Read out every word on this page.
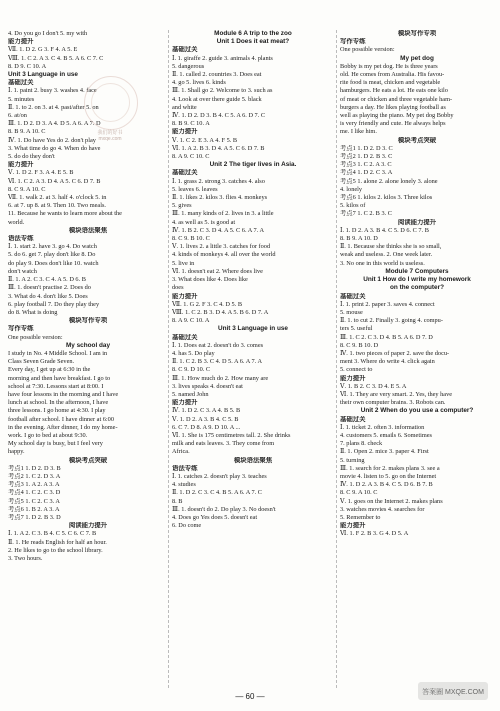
4. Do you go I don't 5. my with
能力提升
Ⅶ. 1. D 2. G 3. F 4. A 5. E
Ⅷ. 1. C 2. A 3. C 4. B 5. A 6. C 7. C
8. D 9. C 10. A
Unit 3 Language in use
基础过关
Ⅰ. 1. paint 2. busy 3. washes 4. face
5. minutes
Ⅱ. 1. to 2. on 3. at 4. past/after 5. on
6. at/on
Ⅲ. 1. D 2. D 3. A 4. D 5. A 6. A 7. D
8. B 9. A 10. C
Ⅳ. 1. Do have Yes do 2. don't play
3. What time do go 4. When do have
5. do do they don't
能力提升
Ⅴ. 1. D 2. F 3. A 4. E 5. B
Ⅵ. 1. C 2. A 3. D 4. A 5. C 6. D 7. B
8. C 9. A 10. C
Ⅶ. 1. walk 2. at 3. half 4. o'clock 5. in
6. at 7. up 8. at 9. Then 10. Two meals.
11. Because he wants to learn more about the
world.
模块语法聚焦
语法专练
Ⅰ. 1. start 2. have 3. go 4. Do watch
5. do 6. get 7. play don't like 8. Do
do play 9. Does don't like 10. watch
don't watch
Ⅱ. 1. A 2. C 3. C 4. A 5. D 6. B
Ⅲ. 1. doesn't practise 2. Does do
3. What do 4. don't like 5. Does
6. play football 7. Do they play they
do 8. What is doing
模块写作专项
写作专练
One possible version:
My school day
I study in No. 4 Middle School. I am in
Class Seven Grade Seven.
Every day, I get up at 6:30 in the
morning and then have breakfast. I go to
school at 7:30. Lessons start at 8:00. I
have four lessons in the morning and I have
lunch at school. In the afternoon, I have
three lessons. I go home at 4:30. I play
football after school. I have dinner at 6:00
in the evening. After dinner, I do my home-
work. I go to bed at about 9:30.
My school day is busy, but I feel very
happy.
模块考点突破
考点1 1. D 2. D 3. B
考点2 1. C 2. D 3. A
考点3 1. A 2. A 3. A
考点4 1. C 2. C 3. D
考点5 1. C 2. C 3. A
考点6 1. B 2. A 3. A
考点7 1. D 2. B 3. D
阅读能力提升
Ⅰ. 1. A 2. C 3. B 4. C 5. C 6. C 7. B
Ⅱ. 1. He reads English for half an hour.
2. He likes to go to the school library.
3. Two hours.
Module 6 A trip to the zoo
Unit 1 Does it eat meat?
基础过关
Ⅰ. 1. giraffe 2. guide 3. animals 4. plants
5. dangerous
Ⅱ. 1. called 2. countries 3. Does eat
4. go 5. lives 6. kinds
Ⅲ. 1. Shall go 2. Welcome to 3. such as
4. Look at over there guide 5. black
and white
Ⅳ. 1. D 2. D 3. B 4. C 5. A 6. D 7. C
8. B 9. C 10. A
能力提升
Ⅴ. 1. C 2. E 3. A 4. F 5. B
Ⅵ. 1. A 2. B 3. D 4. A 5. C 6. D 7. B
8. A 9. C 10. C
Unit 2 The tiger lives in Asia.
基础过关
Ⅰ. 1. grass 2. strong 3. catches 4. also
5. leaves 6. leaves
Ⅱ. 1. likes 2. kilos 3. flies 4. monkeys
5. gives
Ⅲ. 1. many kinds of 2. lives in 3. a little
4. as well as 5. is good at
Ⅳ. 1. B 2. C 3. D 4. A 5. C 6. A 7. A
8. C 9. B 10. C
Ⅴ. 1. lives 2. a little 3. catches for food
4. kinds of monkeys 4. all over the world
5. live in
Ⅵ. 1. doesn't eat 2. Where does live
3. What does like 4. Does like
does
能力提升
Ⅶ. 1. G 2. F 3. C 4. D 5. B
Ⅷ. 1. C 2. B 3. D 4. A 5. B 6. D 7. A
8. A 9. C 10. A
Unit 3 Language in use
基础过关
Ⅰ. 1. Does eat 2. doesn't do 3. comes
4. has 5. Do play
Ⅱ. 1. C 2. B 3. C 4. D 5. A 6. A 7. A
8. C 9. D 10. C
Ⅲ. 1. How much do 2. How many are
3. lives speaks 4. doesn't eat
5. named John
能力提升
Ⅳ. 1. D 2. C 3. A 4. B 5. B
Ⅴ. 1. D 2. A 3. B 4. C 5. B
6. C 7. D 8. A 9. D 10. A ...
Ⅵ. 1. She is 175 centimetres tall. 2. She drinks
milk and eats leaves. 3. They come from
Africa.
模块语法聚焦
语法专练
Ⅰ. 1. catches 2. doesn't play 3. teaches
4. studies
Ⅱ. 1. D 2. C 3. C 4. B 5. A 6. A 7. C
8. B
Ⅲ. 1. doesn't do 2. Do play 3. No doesn't
4. Does go Yes does 5. doesn't eat
6. Do come
模块写作专项
写作专练
One possible version:
My pet dog
Bobby is my pet dog. He is three years
old. He comes from Australia. His favou-
rite food is meat, chicken and vegetable
hamburgers. He eats a lot. He eats one kilo
of meat or chicken and three vegetable ham-
burgers a day. He likes playing football as
well as playing the piano. My pet dog Bobby
is very friendly and cute. He always helps
me. I like him.
模块考点突破
考点1 1. D 2. D 3. C
考点2 1. D 2. B 3. C
考点3 1. C 2. A 3. C
考点4 1. D 2. C 3. A
考点5 1. alone 2. alone lonely 3. alone
4. lonely
考点6 1. kilos 2. kilos 3. Three kilos
5. kilos of
考点7 1. C 2. B 3. C
阅读能力提升
Ⅰ. 1. D 2. A 3. B 4. C 5. D 6. C 7. B
8. B 9. A 10. D
Ⅱ. 1. Because she thinks she is so small,
weak and useless. 2. One week later.
3. No one in this world is useless.
Module 7 Computers
Unit 1 How do I write my homework
on the computer?
基础过关
Ⅰ. 1. print 2. paper 3. saves 4. connect
5. mouse
Ⅱ. 1. to cut 2. Finally 3. going 4. compu-
ters 5. useful
Ⅲ. 1. C 2. C 3. D 4. B 5. A 6. D 7. D
8. C 9. B 10. D
Ⅳ. 1. two pieces of paper 2. save the docu-
ment 3. Where do write 4. click again
5. connect to
能力提升
Ⅴ. 1. B 2. C 3. D 4. E 5. A
Ⅵ. 1. They are very smart. 2. Yes, they have
their own computer brains. 3. Robots can.
Unit 2 When do you use a computer?
基础过关
Ⅰ. 1. ticket 2. often 3. information
4. customers 5. emails 6. Sometimes
7. plans 8. check
Ⅱ. 1. Open 2. mice 3. paper 4. First
5. turning
Ⅲ. 1. search for 2. makes plans 3. see a
movie 4. listen to 5. go on the Internet
Ⅳ. 1. D 2. A 3. B 4. C 5. D 6. B 7. B
8. C 9. A 10. C
Ⅴ. 1. goes on the Internet 2. makes plans
3. watches movies 4. searches for
5. Remember to
能力提升
Ⅵ. 1. F 2. B 3. G 4. D 5. A
我们的好书
mxqe.com
答案圈 MXQE.COM
— 60 —
